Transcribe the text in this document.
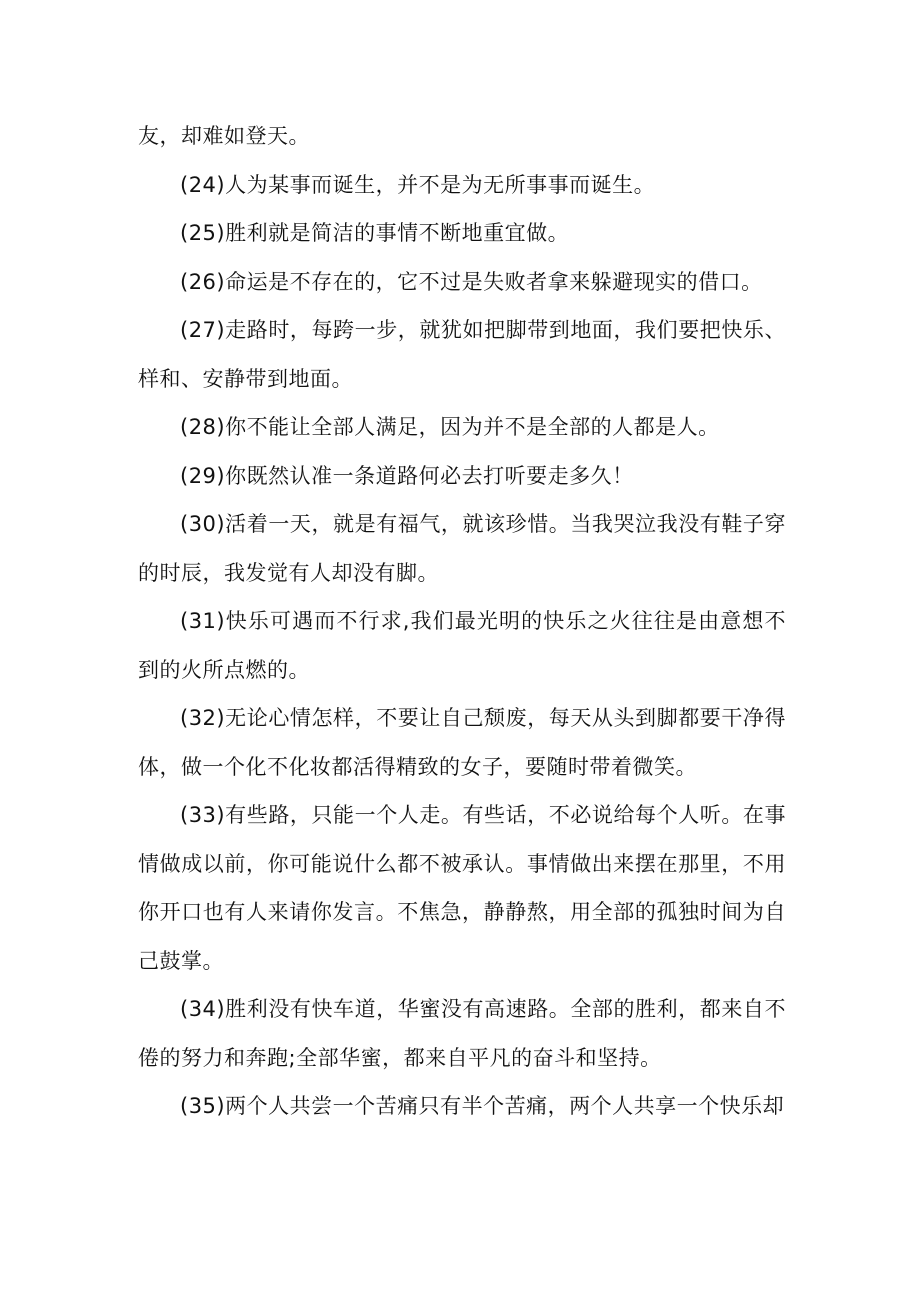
友，却难如登天。

(24)人为某事而诞生，并不是为无所事事而诞生。

(25)胜利就是简洁的事情不断地重宜做。

(26)命运是不存在的，它不过是失败者拿来躲避现实的借口。

(27)走路时，每跨一步，就犹如把脚带到地面，我们要把快乐、样和、安静带到地面。

(28)你不能让全部人满足，因为并不是全部的人都是人。

(29)你既然认准一条道路何必去打听要走多久！

(30)活着一天，就是有福气，就该珍惜。当我哭泣我没有鞋子穿的时辰，我发觉有人却没有脚。

(31)快乐可遇而不行求,我们最光明的快乐之火往往是由意想不到的火所点燃的。

(32)无论心情怎样，不要让自己颓废，每天从头到脚都要干净得体，做一个化不化妆都活得精致的女子，要随时带着微笑。

(33)有些路，只能一个人走。有些话，不必说给每个人听。在事情做成以前，你可能说什么都不被承认。事情做出来摆在那里，不用你开口也有人来请你发言。不焦急，静静熬，用全部的孤独时间为自己鼓掌。

(34)胜利没有快车道，华蜜没有高速路。全部的胜利，都来自不倦的努力和奔跑;全部华蜜，都来自平凡的奋斗和坚持。

(35)两个人共尝一个苦痛只有半个苦痛，两个人共享一个快乐却
